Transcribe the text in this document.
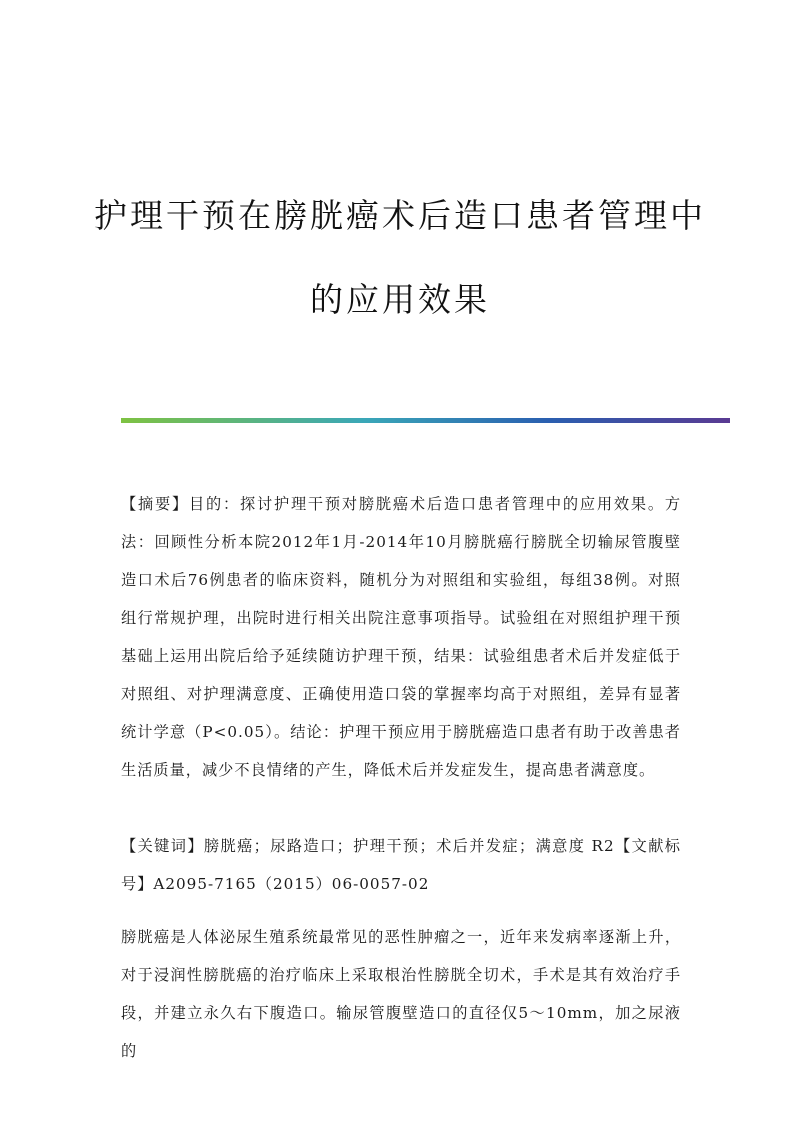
护理干预在膀胱癌术后造口患者管理中
的应用效果

【摘要】目的：探讨护理干预对膀胱癌术后造口患者管理中的应用效果。方法：回顾性分析本院2012年1月-2014年10月膀胱癌行膀胱全切输尿管腹壁造口术后76例患者的临床资料，随机分为对照组和实验组，每组38例。对照组行常规护理，出院时进行相关出院注意事项指导。试验组在对照组护理干预基础上运用出院后给予延续随访护理干预，结果：试验组患者术后并发症低于对照组、对护理满意度、正确使用造口袋的掌握率均高于对照组，差异有显著统计学意（P<0.05）。结论：护理干预应用于膀胱癌造口患者有助于改善患者生活质量，减少不良情绪的产生，降低术后并发症发生，提高患者满意度。

【关键词】膀胱癌；尿路造口；护理干预；术后并发症；满意度 R2【文献标号】A2095-7165（2015）06-0057-02

膀胱癌是人体泌尿生殖系统最常见的恶性肿瘤之一，近年来发病率逐渐上升，对于浸润性膀胱癌的治疗临床上采取根治性膀胱全切术，手术是其有效治疗手段，并建立永久右下腹造口。输尿管腹壁造口的直径仅5～10mm，加之尿液的
